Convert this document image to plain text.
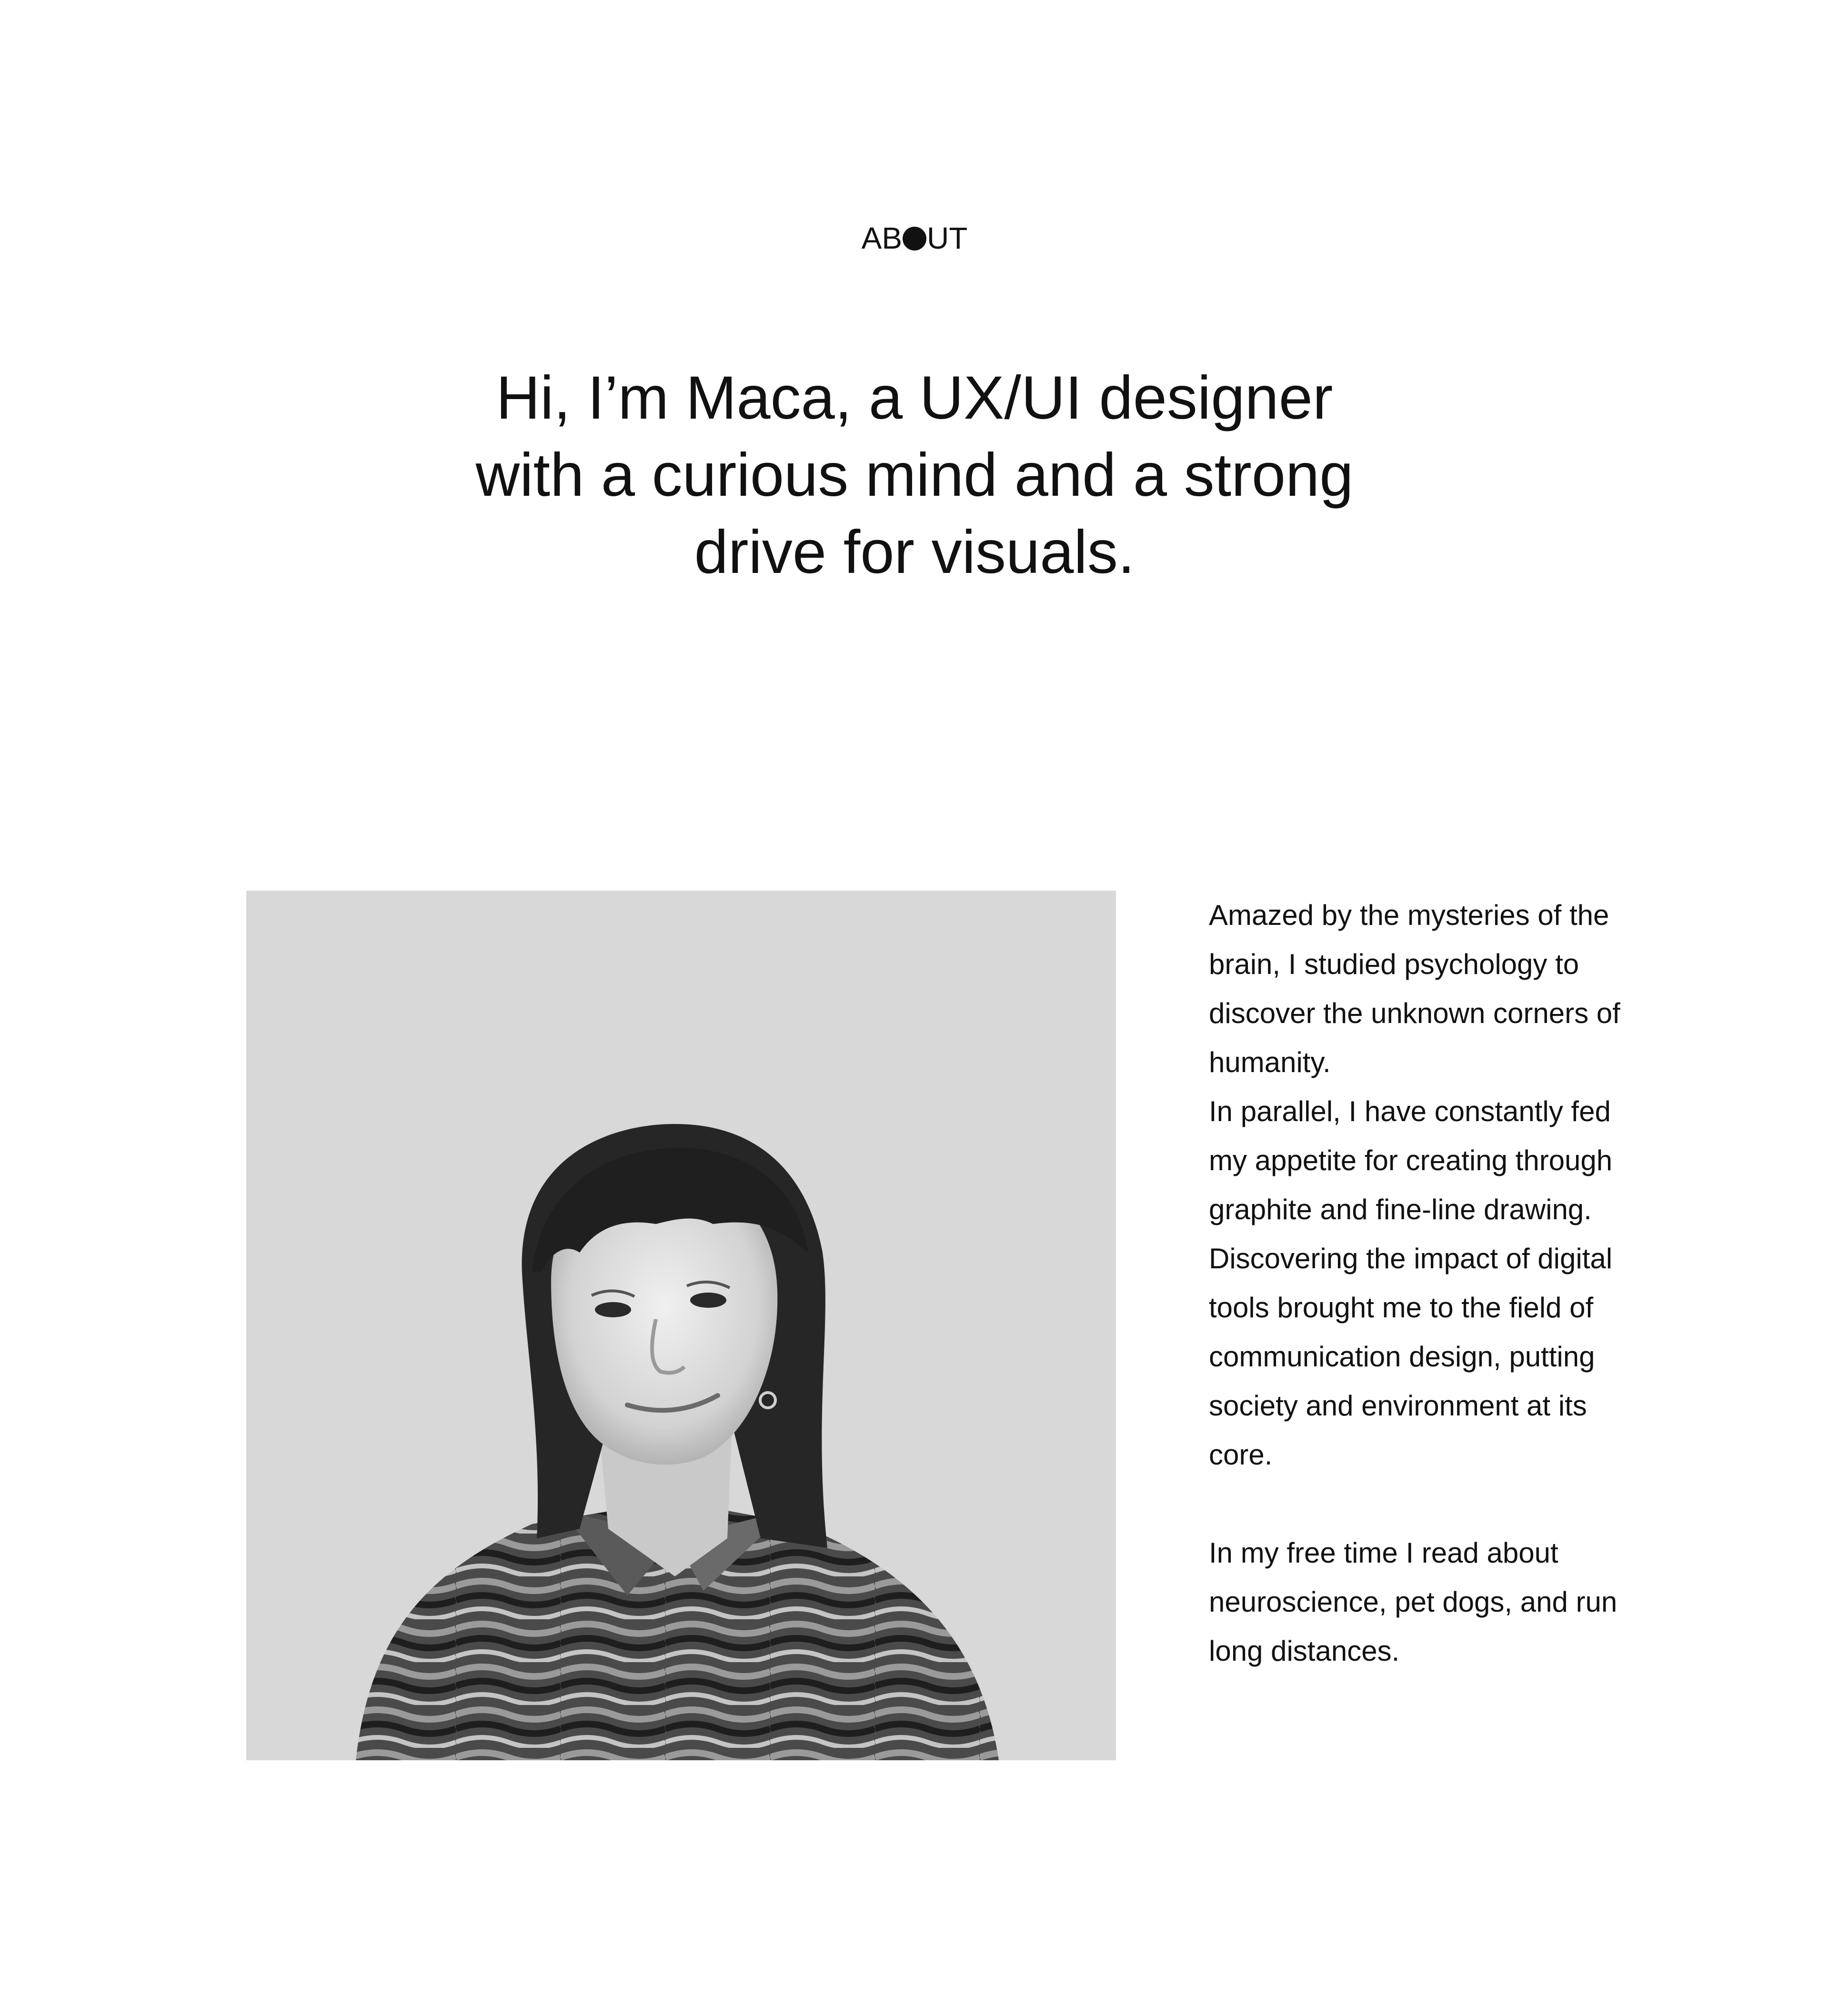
AB UT
Hi, I’m Maca, a UX/UI designer with a curious mind and a strong drive for visuals.

Amazed by the mysteries of the brain, I studied psychology to discover the unknown corners of humanity.

In parallel, I have constantly fed my appetite for creating through graphite and fine-line drawing. Discovering the impact of digital tools brought me to the field of communication design, putting society and environment at its core.

In my free time I read about neuroscience, pet dogs, and run long distances.
